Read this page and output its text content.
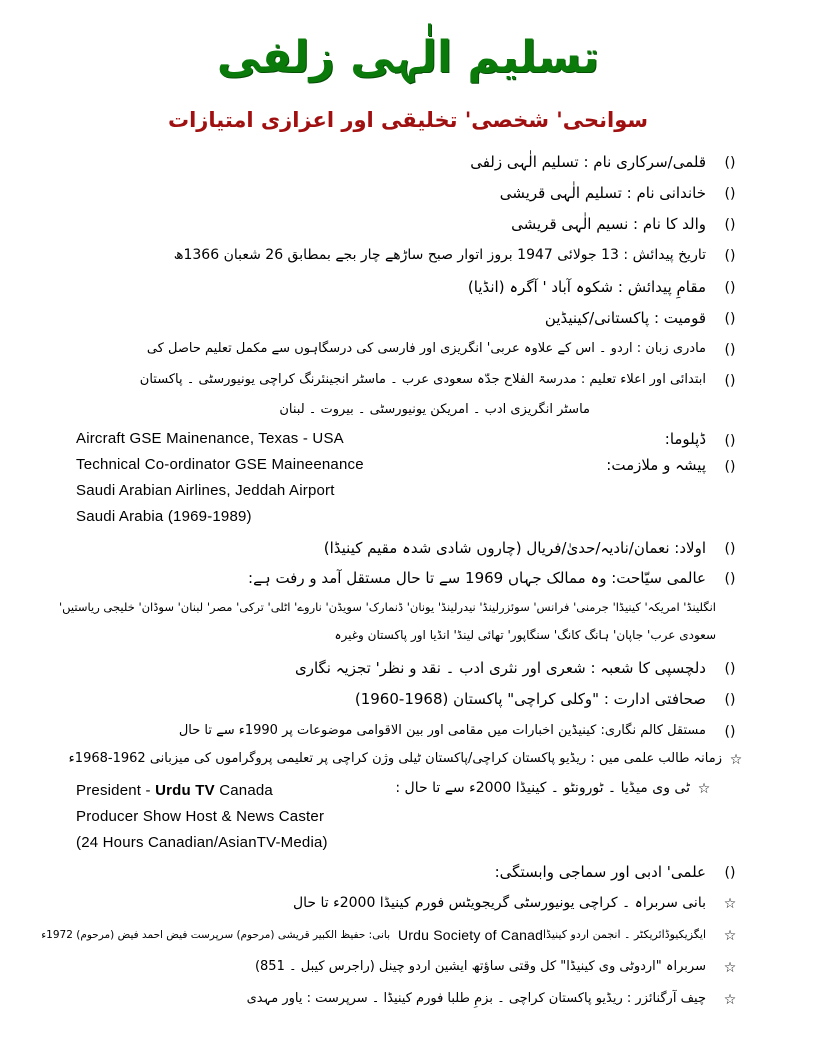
تسلیم الٰہی زلفی
سوانحی' شخصی' تخلیقی اور اعزازی امتیازات
()
قلمی/سرکاری نام : تسلیم الٰہی زلفی
()
خاندانی نام : تسلیم الٰہی قریشی
()
والد کا نام : نسیم الٰہی قریشی
()
تاریخ پیدائش : 13 جولائی 1947 بروز اتوار صبح ساڑھے چار بجے بمطابق 26 شعبان 1366ھ
()
مقامِ پیدائش : شکوہ آباد ' آگرہ (انڈیا)
()
قومیت : پاکستانی/کینیڈین
()
مادری زبان : اردو ۔ اس کے علاوہ عربی' انگریزی اور فارسی کی درسگاہوں سے مکمل تعلیم حاصل کی
()
ابتدائی اور اعلاء تعلیم : مدرسۃ الفلاح جدّہ سعودی عرب ۔ ماسٹر انجینئرنگ کراچی یونیورسٹی ۔ پاکستان
ماسٹر انگریزی ادب ۔ امریکن یونیورسٹی ۔ بیروت ۔ لبنان
()
ڈپلوما:
Aircraft GSE Mainenance, Texas - USA
()
پیشہ و ملازمت:
Technical Co-ordinator GSE Maineenance
Saudi Arabian Airlines, Jeddah Airport
Saudi Arabia (1969-1989)
()
اولاد: نعمان/نادیہ/حدیٰ/فریال (چاروں شادی شدہ مقیم کینیڈا)
()
عالمی سیّاحت: وہ ممالک جہاں 1969 سے تا حال مستقل آمد و رفت ہے:
انگلینڈ' امریکہ' کینیڈا' جرمنی' فرانس' سوئزرلینڈ' نیدرلینڈ' یونان' ڈنمارک' سویڈن' ناروے' اٹلی' ترکی' مصر' لبنان' سوڈان' خلیجی ریاستیں'
سعودی عرب' جاپان' ہانگ کانگ' سنگاپور' تھائی لینڈ' انڈیا اور پاکستان وغیرہ
()
دلچسپی کا شعبہ : شعری اور نثری ادب ۔ نقد و نظر' تجزیہ نگاری
()
صحافتی ادارت : "وکلی کراچی" پاکستان (1968-1960)
()
مستقل کالم نگاری: کینیڈین اخبارات میں مقامی اور بین الاقوامی موضوعات پر 1990ء سے تا حال
☆
زمانہ طالب علمی میں : ریڈیو پاکستان کراچی/پاکستان ٹیلی وژن کراچی پر تعلیمی پروگراموں کی میزبانی 1962-1968ء
☆
ٹی وی میڈیا ۔ ٹورونٹو ۔ کینیڈا 2000ء سے تا حال :
President - Urdu TV Canada
Producer Show Host & News Caster
(24 Hours Canadian/AsianTV-Media)
()
علمی' ادبی اور سماجی وابستگی:
☆
بانی سربراہ ۔ کراچی یونیورسٹی گریجویٹس فورم کینیڈا 2000ء تا حال
☆
ایگزیکیوڈائریکٹر ۔ انجمن اردو کینیڈا
Urdu Society of Canad
بانی: حفیظ الکبیر قریشی (مرحوم) سرپرست فیض احمد فیض (مرحوم) 1972ء
☆
سربراہ "اردوٹی وی کینیڈا" کل وقتی ساؤتھ ایشین اردو چینل (راجرس کیبل ۔ 851)
☆
چیف آرگنائزر : ریڈیو پاکستان کراچی ۔ بزمِ طلبا فورم کینیڈا ۔ سرپرست : یاور مہدی
